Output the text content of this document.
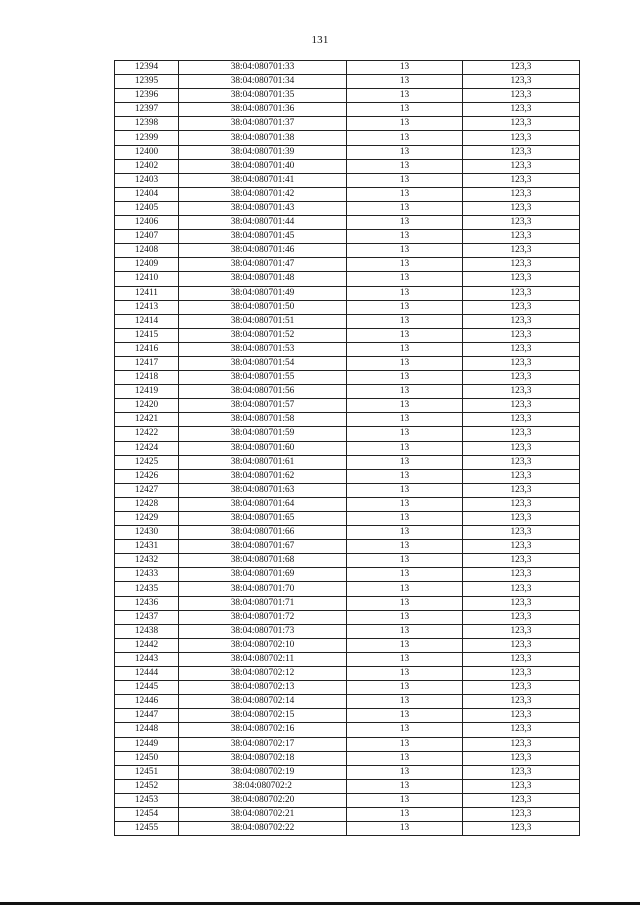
131
12394	38:04:080701:33	13	123,3
12395	38:04:080701:34	13	123,3
12396	38:04:080701:35	13	123,3
12397	38:04:080701:36	13	123,3
12398	38:04:080701:37	13	123,3
12399	38:04:080701:38	13	123,3
12400	38:04:080701:39	13	123,3
12402	38:04:080701:40	13	123,3
12403	38:04:080701:41	13	123,3
12404	38:04:080701:42	13	123,3
12405	38:04:080701:43	13	123,3
12406	38:04:080701:44	13	123,3
12407	38:04:080701:45	13	123,3
12408	38:04:080701:46	13	123,3
12409	38:04:080701:47	13	123,3
12410	38:04:080701:48	13	123,3
12411	38:04:080701:49	13	123,3
12413	38:04:080701:50	13	123,3
12414	38:04:080701:51	13	123,3
12415	38:04:080701:52	13	123,3
12416	38:04:080701:53	13	123,3
12417	38:04:080701:54	13	123,3
12418	38:04:080701:55	13	123,3
12419	38:04:080701:56	13	123,3
12420	38:04:080701:57	13	123,3
12421	38:04:080701:58	13	123,3
12422	38:04:080701:59	13	123,3
12424	38:04:080701:60	13	123,3
12425	38:04:080701:61	13	123,3
12426	38:04:080701:62	13	123,3
12427	38:04:080701:63	13	123,3
12428	38:04:080701:64	13	123,3
12429	38:04:080701:65	13	123,3
12430	38:04:080701:66	13	123,3
12431	38:04:080701:67	13	123,3
12432	38:04:080701:68	13	123,3
12433	38:04:080701:69	13	123,3
12435	38:04:080701:70	13	123,3
12436	38:04:080701:71	13	123,3
12437	38:04:080701:72	13	123,3
12438	38:04:080701:73	13	123,3
12442	38:04:080702:10	13	123,3
12443	38:04:080702:11	13	123,3
12444	38:04:080702:12	13	123,3
12445	38:04:080702:13	13	123,3
12446	38:04:080702:14	13	123,3
12447	38:04:080702:15	13	123,3
12448	38:04:080702:16	13	123,3
12449	38:04:080702:17	13	123,3
12450	38:04:080702:18	13	123,3
12451	38:04:080702:19	13	123,3
12452	38:04:080702:2	13	123,3
12453	38:04:080702:20	13	123,3
12454	38:04:080702:21	13	123,3
12455	38:04:080702:22	13	123,3
